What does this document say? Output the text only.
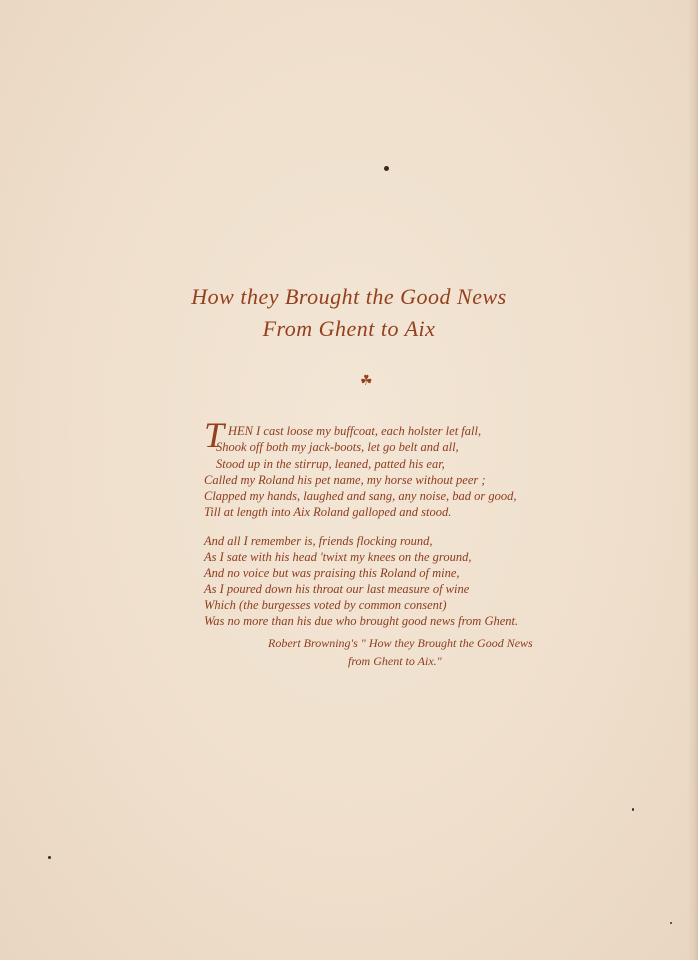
How they Brought the Good News
From Ghent to Aix
☘
T HEN I cast loose my buffcoat, each holster let fall,
Shook off both my jack-boots, let go belt and all,
Stood up in the stirrup, leaned, patted his ear,
Called my Roland his pet name, my horse without peer ;
Clapped my hands, laughed and sang, any noise, bad or good,
Till at length into Aix Roland galloped and stood.
And all I remember is, friends flocking round,
As I sate with his head 'twixt my knees on the ground,
And no voice but was praising this Roland of mine,
As I poured down his throat our last measure of wine
Which (the burgesses voted by common consent)
Was no more than his due who brought good news from Ghent.
Robert Browning's " How they Brought the Good News
from Ghent to Aix."
